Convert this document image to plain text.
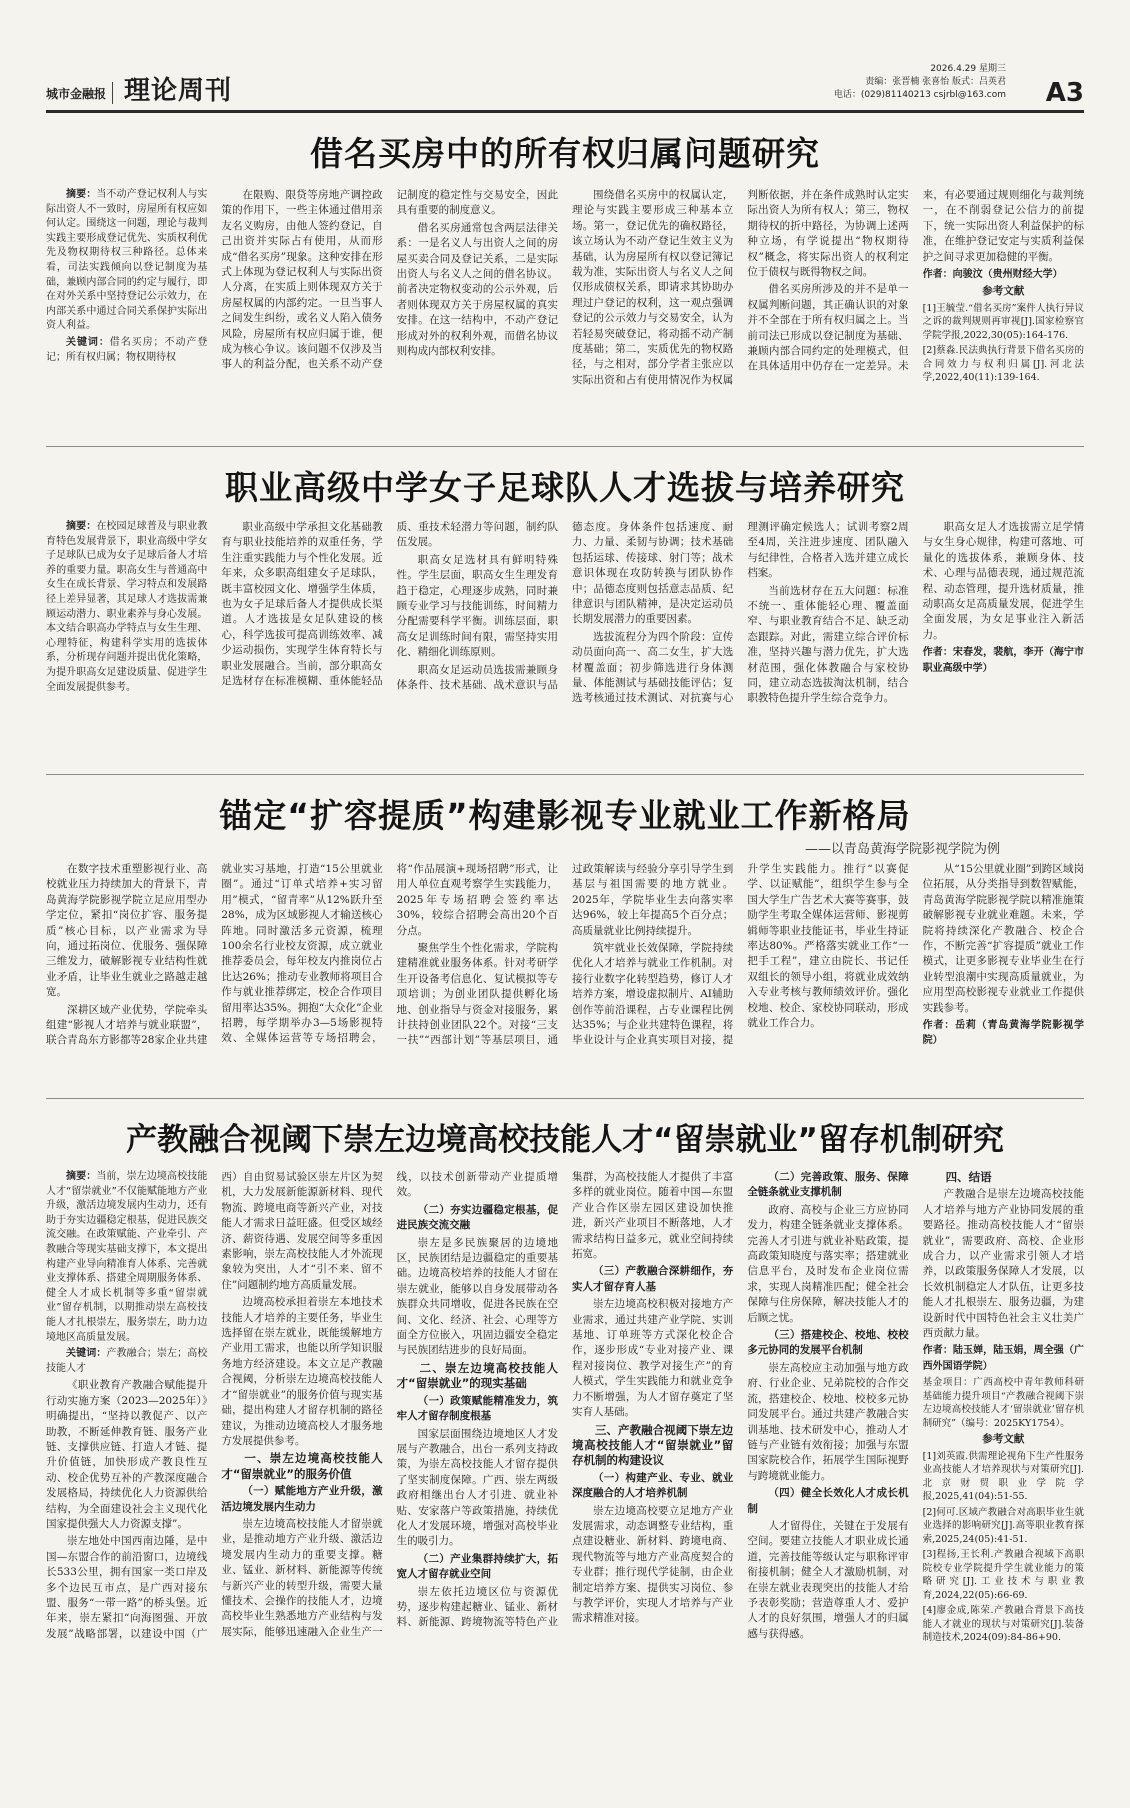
城市金融报 理论周刊
2026.4.29 星期三
责编：张晋楠 张喜怡 版式：吕英君
电话：(029)81140213 csjrbl@163.com A3
借名买房中的所有权归属问题研究

摘要：当不动产登记权利人与实际出资人不一致时，房屋所有权应如何认定。围绕这一问题，理论与裁判实践主要形成登记优先、实质权利优先及物权期待权三种路径。总体来看，司法实践倾向以登记制度为基础，兼顾内部合同的约定与履行，即在对外关系中坚持登记公示效力，在内部关系中通过合同关系保护实际出资人利益。

关键词：借名买房；不动产登记；所有权归属；物权期待权

在限购、限贷等房地产调控政策的作用下，一些主体通过借用亲友名义购房，由他人签约登记，自己出资并实际占有使用，从而形成“借名买房”现象。这种安排在形式上体现为登记权利人与实际出资人分离，在实质上则体现双方关于房屋权属的内部约定。一旦当事人之间发生纠纷，或名义人陷入债务风险，房屋所有权应归属于谁，便成为核心争议。该问题不仅涉及当事人的利益分配，也关系不动产登记制度的稳定性与交易安全，因此具有重要的制度意义。

借名买房通常包含两层法律关系：一是名义人与出资人之间的房屋买卖合同及登记关系，二是实际出资人与名义人之间的借名协议。前者决定物权变动的公示外观，后者则体现双方关于房屋权属的真实安排。在这一结构中，不动产登记形成对外的权利外观，而借名协议则构成内部权利安排。

围绕借名买房中的权属认定，理论与实践主要形成三种基本立场。第一，登记优先的确权路径，该立场认为不动产登记生效主义为基础，认为房屋所有权以登记簿记载为准，实际出资人与名义人之间仅形成债权关系，即请求其协助办理过户登记的权利，这一观点强调登记的公示效力与交易安全，认为若轻易突破登记，将动摇不动产制度基础；第二，实质优先的物权路径，与之相对，部分学者主张应以实际出资和占有使用情况作为权属判断依据，并在条件成熟时认定实际出资人为所有权人；第三，物权期待权的折中路径，为协调上述两种立场，有学说提出“物权期待权”概念，将实际出资人的权利定位于债权与既得物权之间。

借名买房所涉及的并不是单一权属判断问题，其正确认识的对象并不全部在于所有权归属之上。当前司法已形成以登记制度为基础、兼顾内部合同约定的处理模式，但在具体适用中仍存在一定差异。未来，有必要通过规则细化与裁判统一，在不削弱登记公信力的前提下，统一实际出资人利益保护的标准，在维护登记安定与实质利益保护之间寻求更加稳健的平衡。

作者：向骏汶（贵州财经大学）

参考文献

[1]王毓莹.“借名买房”案件人执行异议之诉的裁判规则再审视[J].国家检察官学院学报,2022,30(05):164-176.

[2]蔡淼.民法典执行背景下借名买房的合同效力与权利归属[J].河北法学,2022,40(11):139-164.

职业高级中学女子足球队人才选拔与培养研究

摘要：在校园足球普及与职业教育特色发展背景下，职业高级中学女子足球队已成为女子足球后备人才培养的重要力量。职高女生与普通高中女生在成长背景、学习特点和发展路径上差异显著，其足球人才选拔需兼顾运动潜力、职业素养与身心发展。本文结合职高办学特点与女生生理、心理特征，构建科学实用的选拔体系，分析现存问题并提出优化策略，为提升职高女足建设质量、促进学生全面发展提供参考。

职业高级中学承担文化基础教育与职业技能培养的双重任务，学生注重实践能力与个性化发展。近年来，众多职高组建女子足球队，既丰富校园文化、增强学生体质，也为女子足球后备人才提供成长渠道。人才选拔是女足队建设的核心，科学选拔可提高训练效率、减少运动损伤，实现学生体育特长与职业发展融合。当前，部分职高女足选材存在标准模糊、重体能轻品质、重技术轻潜力等问题，制约队伍发展。

职高女足选材具有鲜明特殊性。学生层面，职高女生生理发育趋于稳定，心理逐步成熟，同时兼顾专业学习与技能训练，时间精力分配需要科学平衡。训练层面，职高女足训练时间有限，需坚持实用化、精细化训练原则。

职高女足运动员选拔需兼顾身体条件、技术基础、战术意识与品德态度。身体条件包括速度、耐力、力量、柔韧与协调；技术基础包括运球、传接球、射门等；战术意识体现在攻防转换与团队协作中；品德态度则包括意志品质、纪律意识与团队精神，是决定运动员长期发展潜力的重要因素。

选拔流程分为四个阶段：宣传动员面向高一、高二女生，扩大选材覆盖面；初步筛选进行身体测量、体能测试与基础技能评估；复选考核通过技术测试、对抗赛与心理测评确定候选人；试训考察2周至4周，关注进步速度、团队融入与纪律性，合格者入选并建立成长档案。

当前选材存在五大问题：标准不统一、重体能轻心理、覆盖面窄、与职业教育结合不足、缺乏动态跟踪。对此，需建立综合评价标准，坚持兴趣与潜力优先，扩大选材范围，强化体教融合与家校协同，建立动态选拔淘汰机制，结合职教特色提升学生综合竞争力。

职高女足人才选拔需立足学情与女生身心规律，构建可落地、可量化的选拔体系，兼顾身体、技术、心理与品德表现，通过规范流程、动态管理，提升选材质量，推动职高女足高质量发展，促进学生全面发展，为女足事业注入新活力。

作者：宋春发，裴航，李开（海宁市职业高级中学）

锚定“扩容提质”构建影视专业就业工作新格局
——以青岛黄海学院影视学院为例

在数字技术重塑影视行业、高校就业压力持续加大的背景下，青岛黄海学院影视学院立足应用型办学定位，紧扣“岗位扩容、服务提质”核心目标，以产业需求为导向，通过拓岗位、优服务、强保障三维发力，破解影视专业结构性就业矛盾，让毕业生就业之路越走越宽。

深耕区域产业优势，学院牵头组建“影视人才培养与就业联盟”，联合青岛东方影都等28家企业共建就业实习基地，打造“15公里就业圈”。通过“订单式培养+实习留用”模式，“留青率”从12%跃升至28%，成为区域影视人才输送核心阵地。同时激活多元资源，梳理100余名行业校友资源，成立就业推荐委员会，每年校友内推岗位占比达26%；推动专业教师将项目合作与就业推荐绑定，校企合作项目留用率达35%。拥抱“大众化”企业招聘，每学期举办3—5场影视特效、全媒体运营等专场招聘会，将“作品展演+现场招聘”形式，让用人单位直观考察学生实践能力，2025年专场招聘会签约率达30%，较综合招聘会高出20个百分点。

聚焦学生个性化需求，学院构建精准就业服务体系。针对考研学生开设备考信息化、复试模拟等专项培训；为创业团队提供孵化场地、创业指导与资金对接服务，累计扶持创业团队22个。对接“三支一扶”“西部计划”等基层项目，通过政策解读与经验分享引导学生到基层与祖国需要的地方就业。2025年，学院毕业生去向落实率达96%，较上年提高5个百分点；高质量就业比例持续提升。

筑牢就业长效保障，学院持续优化人才培养与就业工作机制。对接行业数字化转型趋势，修订人才培养方案，增设虚拟制片、AI辅助创作等前沿课程，占专业课程比例达35%；与企业共建特色课程，将毕业设计与企业真实项目对接，提升学生实践能力。推行“以赛促学、以证赋能”，组织学生参与全国大学生广告艺术大赛等赛事，鼓励学生考取全媒体运营师、影视剪辑师等职业技能证书，毕业生持证率达80%。严格落实就业工作“一把手工程”，建立由院长、书记任双组长的领导小组，将就业成效纳入专业考核与教师绩效评价。强化校地、校企、家校协同联动，形成就业工作合力。

从“15公里就业圈”到跨区域岗位拓展，从分类指导到数智赋能，青岛黄海学院影视学院以精准施策破解影视专业就业难题。未来，学院将持续深化产教融合、校企合作，不断完善“扩容提质”就业工作模式，让更多影视专业毕业生在行业转型浪潮中实现高质量就业，为应用型高校影视专业就业工作提供实践参考。

作者：岳莉（青岛黄海学院影视学院）

产教融合视阈下崇左边境高校技能人才“留崇就业”留存机制研究

摘要：当前，崇左边境高校技能人才“留崇就业”不仅能赋能地方产业升级，激活边境发展内生动力，还有助于夯实边疆稳定根基，促进民族交流交融。在政策赋能、产业牵引、产教融合等现实基础支撑下，本文提出构建产业导向精准育人体系、完善就业支撑体系、搭建全周期服务体系、健全人才成长机制等多重“留崇就业”留存机制，以期推动崇左高校技能人才扎根崇左，服务崇左，助力边境地区高质量发展。

关键词：产教融合；崇左；高校技能人才

《职业教育产教融合赋能提升行动实施方案（2023—2025年）》明确提出，“坚持以教促产、以产助教，不断延伸教育链、服务产业链、支撑供应链、打造人才链、提升价值链，加快形成产教良性互动、校企优势互补的产教深度融合发展格局，持续优化人力资源供给结构，为全面建设社会主义现代化国家提供强大人力资源支撑”。

崇左地处中国西南边陲，是中国—东盟合作的前沿窗口，边境线长533公里，拥有国家一类口岸及多个边民互市点，是广西对接东盟、服务“一带一路”的桥头堡。近年来，崇左紧扣“向海图强、开放发展”战略部署，以建设中国（广西）自由贸易试验区崇左片区为契机，大力发展新能源新材料、现代物流、跨境电商等新兴产业，对技能人才需求日益旺盛。但受区域经济、薪资待遇、发展空间等多重因素影响，崇左高校技能人才外流现象较为突出，人才“引不来、留不住”问题制约地方高质量发展。

边境高校承担着崇左本地技术技能人才培养的主要任务，毕业生选择留在崇左就业，既能缓解地方产业用工需求，也能以所学知识服务地方经济建设。本文立足产教融合视阈，分析崇左边境高校技能人才“留崇就业”的服务价值与现实基础，提出构建人才留存机制的路径建议，为推动边境高校人才服务地方发展提供参考。

一、崇左边境高校技能人才“留崇就业”的服务价值

（一）赋能地方产业升级，激活边境发展内生动力

崇左边境高校技能人才留崇就业，是推动地方产业升级、激活边境发展内生动力的重要支撑。糖业、锰业、新材料、新能源等传统与新兴产业的转型升级，需要大量懂技术、会操作的技能人才，边境高校毕业生熟悉地方产业结构与发展实际，能够迅速融入企业生产一线，以技术创新带动产业提质增效。

（二）夯实边疆稳定根基，促进民族交流交融

崇左是多民族聚居的边境地区，民族团结是边疆稳定的重要基础。边境高校培养的技能人才留在崇左就业，能够以自身发展带动各族群众共同增收，促进各民族在空间、文化、经济、社会、心理等方面全方位嵌入，巩固边疆安全稳定与民族团结进步的良好局面。

二、崇左边境高校技能人才“留崇就业”的现实基础

（一）政策赋能精准发力，筑牢人才留存制度根基

国家层面围绕边境地区人才发展与产教融合，出台一系列支持政策，为崇左高校技能人才留存提供了坚实制度保障。广西、崇左两级政府相继出台人才引进、就业补贴、安家落户等政策措施，持续优化人才发展环境，增强对高校毕业生的吸引力。

（二）产业集群持续扩大，拓宽人才留存就业空间

崇左依托边境区位与资源优势，逐步构建起糖业、锰业、新材料、新能源、跨境物流等特色产业集群，为高校技能人才提供了丰富多样的就业岗位。随着中国—东盟产业合作区崇左园区建设加快推进，新兴产业项目不断落地，人才需求结构日益多元，就业空间持续拓宽。

（三）产教融合深耕细作，夯实人才留存育人基

崇左边境高校积极对接地方产业需求，通过共建产业学院、实训基地、订单班等方式深化校企合作，逐步形成“专业对接产业、课程对接岗位、教学对接生产”的育人模式，学生实践能力和就业竞争力不断增强，为人才留存奠定了坚实育人基础。

三、产教融合视阈下崇左边境高校技能人才“留崇就业”留存机制的构建设议

（一）构建产业、专业、就业深度融合的人才培养机制

崇左边境高校要立足地方产业发展需求，动态调整专业结构，重点建设糖业、新材料、跨境电商、现代物流等与地方产业高度契合的专业群；推行现代学徒制，由企业制定培养方案、提供实习岗位、参与教学评价，实现人才培养与产业需求精准对接。

（二）完善政策、服务、保障全链条就业支撑机制

政府、高校与企业三方应协同发力，构建全链条就业支撑体系。完善人才引进与就业补贴政策，提高政策知晓度与落实率；搭建就业信息平台，及时发布企业岗位需求，实现人岗精准匹配；健全社会保障与住房保障，解决技能人才的后顾之忧。

（三）搭建校企、校地、校校多元协同的发展平台机制

崇左高校应主动加强与地方政府、行业企业、兄弟院校的合作交流，搭建校企、校地、校校多元协同发展平台。通过共建产教融合实训基地、技术研发中心，推动人才链与产业链有效衔接；加强与东盟国家院校合作，拓展学生国际视野与跨境就业能力。

（四）健全长效化人才成长机制

人才留得住，关键在于发展有空间。要建立技能人才职业成长通道，完善技能等级认定与职称评审衔接机制；健全人才激励机制，对在崇左就业表现突出的技能人才给予表彰奖励；营造尊重人才、爱护人才的良好氛围，增强人才的归属感与获得感。

四、结语

产教融合是崇左边境高校技能人才培养与地方产业协同发展的重要路径。推动高校技能人才“留崇就业”，需要政府、高校、企业形成合力，以产业需求引领人才培养，以政策服务保障人才发展，以长效机制稳定人才队伍，让更多技能人才扎根崇左、服务边疆，为建设新时代中国特色社会主义壮美广西贡献力量。

作者：陆玉婵，陆玉娟，周全强（广西外国语学院）

基金项目：广西高校中青年教师科研基础能力提升项目“产教融合视阈下崇左边境高校技能人才‘留崇就业’留存机制研究”（编号：2025KY1754）。

参考文献

[1]刘英霞.供需理论视角下生产性服务业高技能人才培养现状与对策研究[J].北京财贸职业学院学报,2025,41(04):51-55.

[2]何可.区域产教融合对高职毕业生就业选择的影响研究[J].高等职业教育探索,2025,24(05):41-51.

[3]程扬,王长利.产教融合视域下高职院校专业学院提升学生就业能力的策略研究[J].工业技术与职业教育,2024,22(05):66-69.

[4]廖金成,陈荣.产教融合背景下高技能人才就业的现状与对策研究[J].装备制造技术,2024(09):84-86+90.
